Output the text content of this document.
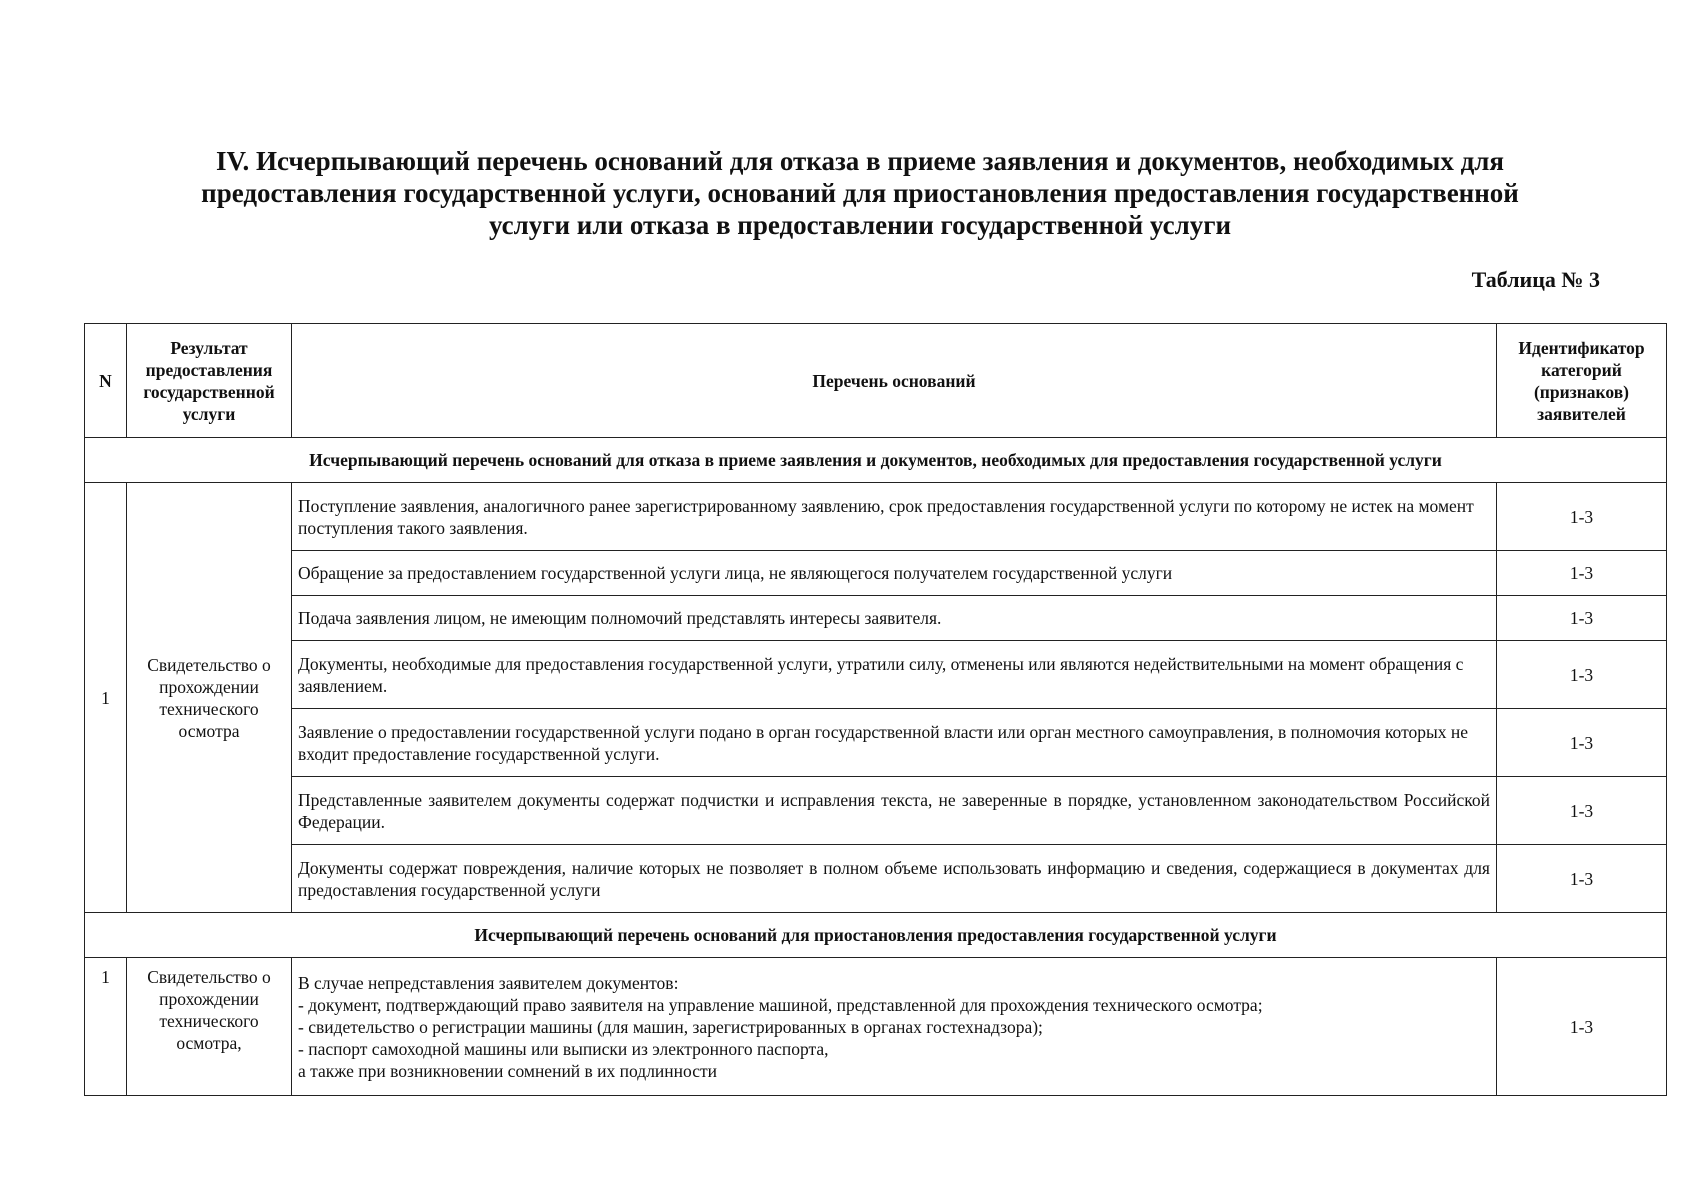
IV. Исчерпывающий перечень оснований для отказа в приеме заявления и документов, необходимых для
предоставления государственной услуги, оснований для приостановления предоставления государственной
услуги или отказа в предоставлении государственной услуги
Таблица № 3
N	Результат предоставления государственной услуги	Перечень оснований	Идентификатор категорий (признаков) заявителей
Исчерпывающий перечень оснований для отказа в приеме заявления и документов, необходимых для предоставления государственной услуги			
1	Свидетельство о прохождении технического осмотра	Поступление заявления, аналогичного ранее зарегистрированному заявлению, срок предоставления государственной услуги по которому не истек на момент поступления такого заявления.	1-3
		Обращение за предоставлением государственной услуги лица, не являющегося получателем государственной услуги	1-3
		Подача заявления лицом, не имеющим полномочий представлять интересы заявителя.	1-3
		Документы, необходимые для предоставления государственной услуги, утратили силу, отменены или являются недействительными на момент обращения с заявлением.	1-3
		Заявление о предоставлении государственной услуги подано в орган государственной власти или орган местного самоуправления, в полномочия которых не входит предоставление государственной услуги.	1-3
		Представленные заявителем документы содержат подчистки и исправления текста, не заверенные в порядке, установленном законодательством Российской Федерации.	1-3
		Документы содержат повреждения, наличие которых не позволяет в полном объеме использовать информацию и сведения, содержащиеся в документах для предоставления государственной услуги	1-3
Исчерпывающий перечень оснований для приостановления предоставления государственной услуги			
1	Свидетельство о прохождении технического осмотра,	В случае непредставления заявителем документов:
- документ, подтверждающий право заявителя на управление машиной, представленной для прохождения технического осмотра;
- свидетельство о регистрации машины (для машин, зарегистрированных в органах гостехнадзора);
- паспорт самоходной машины или выписки из электронного паспорта,
а также при возникновении сомнений в их подлинности	1-3
